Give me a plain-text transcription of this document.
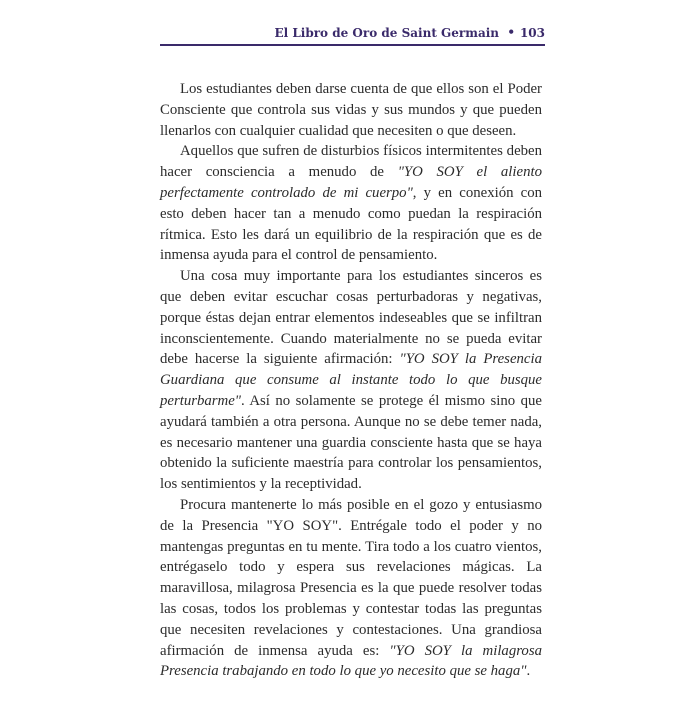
El Libro de Oro de Saint Germain • 103

Los estudiantes deben darse cuenta de que ellos son el Poder Consciente que controla sus vidas y sus mundos y que pueden llenarlos con cualquier cualidad que necesiten o que deseen.

Aquellos que sufren de disturbios físicos intermitentes deben hacer consciencia a menudo de "YO SOY el aliento perfectamente controlado de mi cuerpo", y en conexión con esto deben hacer tan a menudo como puedan la respiración rítmica. Esto les dará un equilibrio de la respiración que es de inmensa ayuda para el control de pensamiento.

Una cosa muy importante para los estudiantes sinceros es que deben evitar escuchar cosas perturbadoras y negativas, porque éstas dejan entrar elementos indeseables que se infiltran inconscientemente. Cuando materialmente no se pueda evitar debe hacerse la siguiente afirmación: "YO SOY la Presencia Guardiana que consume al instante todo lo que busque perturbarme". Así no solamente se protege él mismo sino que ayudará también a otra persona. Aunque no se debe temer nada, es necesario mantener una guardia consciente hasta que se haya obtenido la suficiente maestría para controlar los pensamientos, los sentimientos y la receptividad.

Procura mantenerte lo más posible en el gozo y entusiasmo de la Presencia "YO SOY". Entrégale todo el poder y no mantengas preguntas en tu mente. Tira todo a los cuatro vientos, entrégaselo todo y espera sus revelaciones mágicas. La maravillosa, milagrosa Presencia es la que puede resolver todas las cosas, todos los problemas y contestar todas las preguntas que necesiten revelaciones y contestaciones. Una grandiosa afirmación de inmensa ayuda es: "YO SOY la milagrosa Presencia trabajando en todo lo que yo necesito que se haga".
